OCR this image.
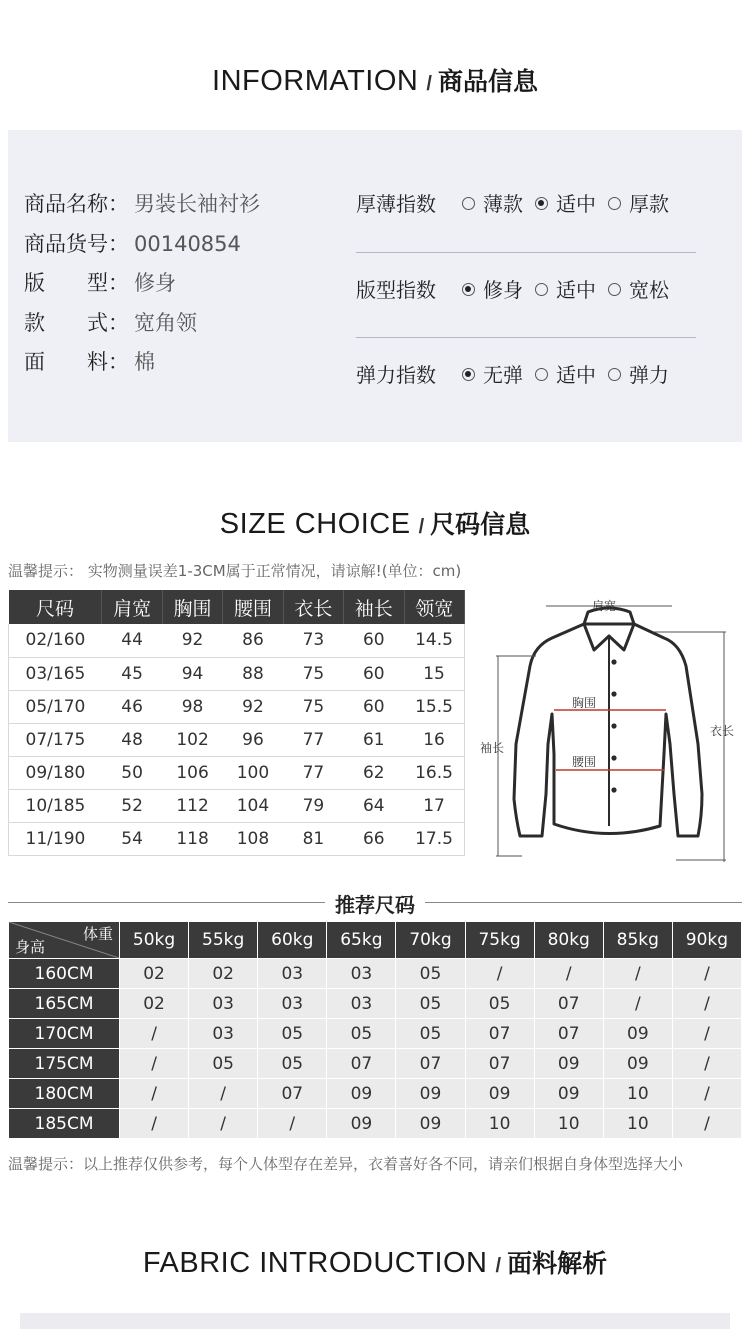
INFORMATION / 商品信息
商品名称： 男装长袖衬衫
商品货号： 00140854
版　　型： 修身
款　　式： 宽角领
面　　料： 棉
厚薄指数 薄款 适中 厚款
版型指数 修身 适中 宽松
弹力指数 无弹 适中 弹力
SIZE CHOICE / 尺码信息
温馨提示： 实物测量误差1-3CM属于正常情况，请谅解!(单位：cm)
尺码	肩宽	胸围	腰围	衣长	袖长	领宽
02/160	44	92	86	73	60	14.5
03/165	45	94	88	75	60	15
05/170	46	98	92	75	60	15.5
07/175	48	102	96	77	61	16
09/180	50	106	100	77	62	16.5
10/185	52	112	104	79	64	17
11/190	54	118	108	81	66	17.5
肩宽
胸围
腰围
袖长
衣长
推荐尺码
体重
身高	50kg	55kg	60kg	65kg	70kg	75kg	80kg	85kg	90kg
160CM	02	02	03	03	05	/	/	/	/
165CM	02	03	03	03	05	05	07	/	/
170CM	/	03	05	05	05	07	07	09	/
175CM	/	05	05	07	07	07	09	09	/
180CM	/	/	07	09	09	09	09	10	/
185CM	/	/	/	09	09	10	10	10	/
温馨提示：以上推荐仅供参考，每个人体型存在差异，衣着喜好各不同，请亲们根据自身体型选择大小
FABRIC INTRODUCTION / 面料解析
